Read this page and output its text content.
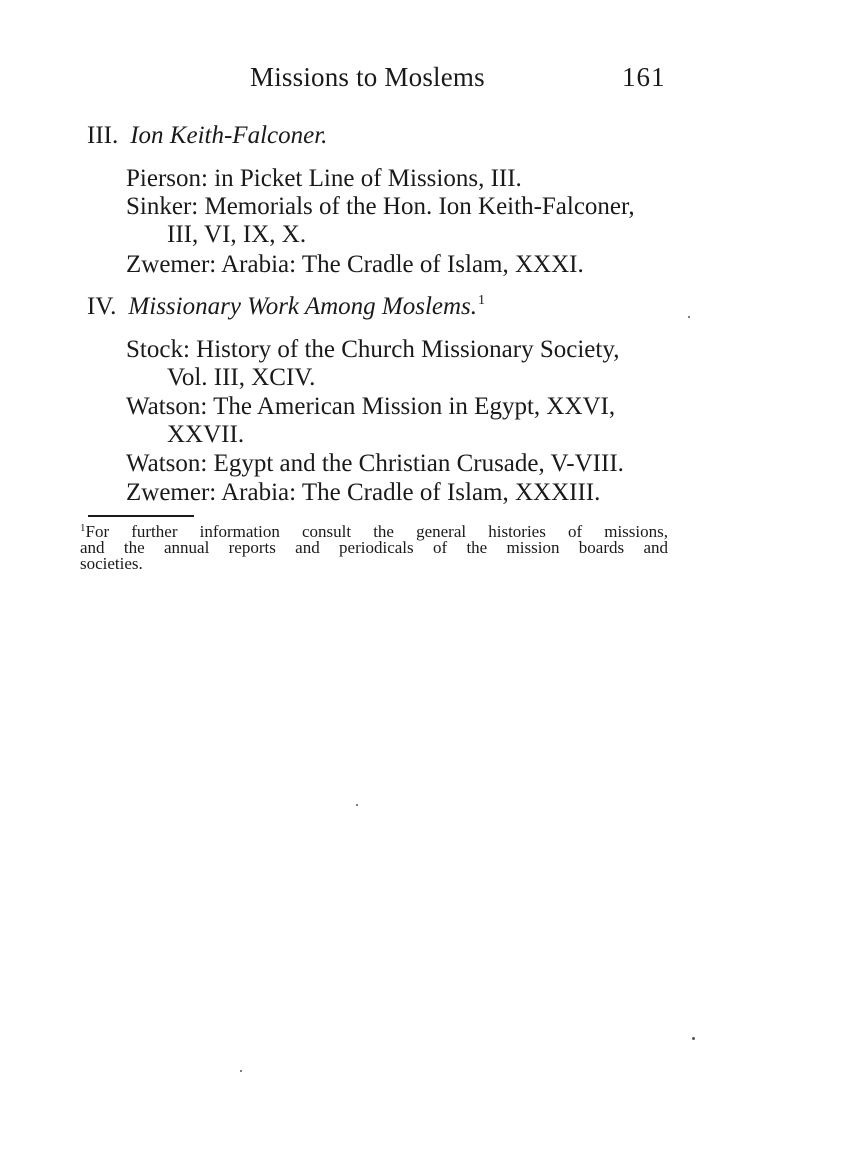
Missions to Moslems	161
III. Ion Keith-Falconer.
Pierson: in Picket Line of Missions, III.
Sinker: Memorials of the Hon. Ion Keith-Falconer,
III, VI, IX, X.
Zwemer: Arabia: The Cradle of Islam, XXXI.
IV. Missionary Work Among Moslems.$^1$
Stock: History of the Church Missionary Society,
Vol. III, XCIV.
Watson: The American Mission in Egypt, XXVI,
XXVII.
Watson: Egypt and the Christian Crusade, V-VIII.
Zwemer: Arabia: The Cradle of Islam, XXXIII.
$^1$For further information consult the general histories of missions,
and the annual reports and periodicals of the mission boards and
societies.
